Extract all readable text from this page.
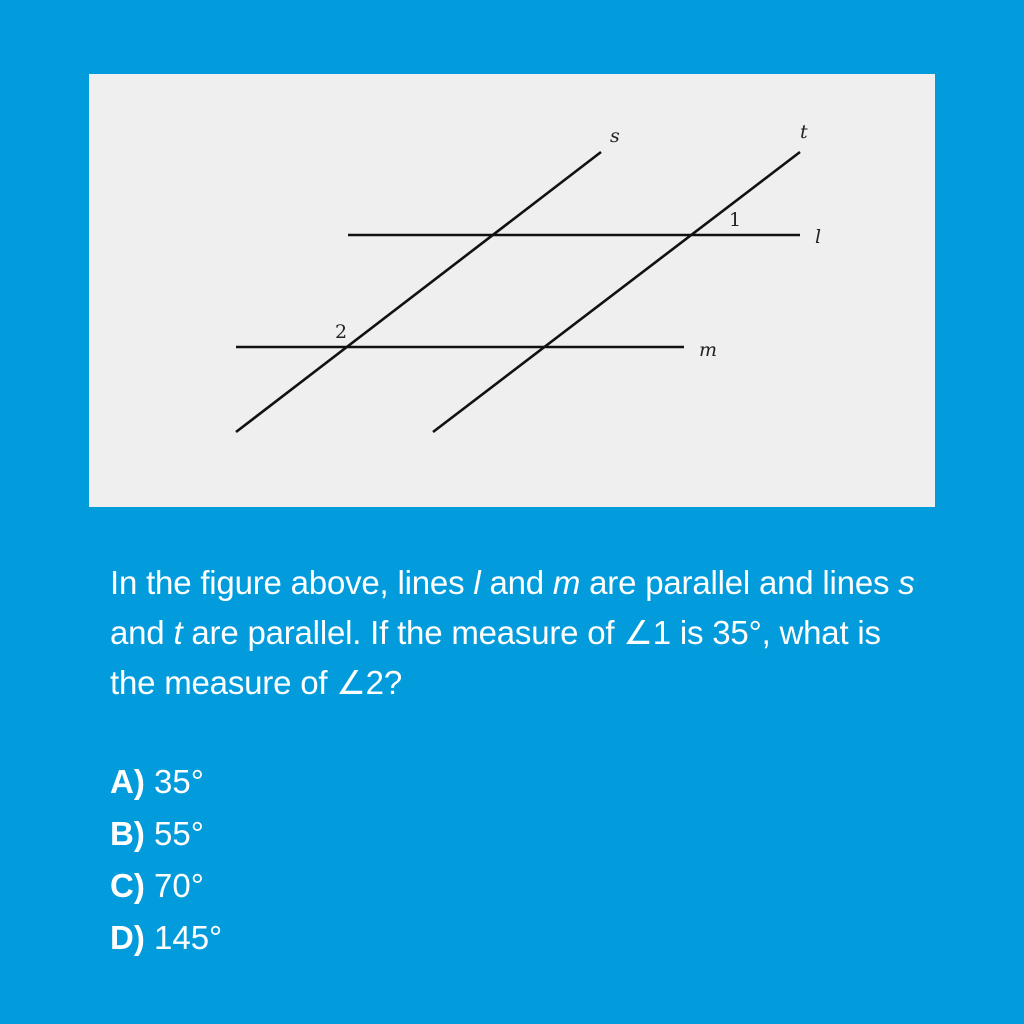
s	t
l
m
1
2
In the figure above, lines l and m are parallel and lines s and t are parallel. If the measure of ∠1 is 35°, what is the measure of ∠2?
A) 35°
B) 55°
C) 70°
D) 145°
